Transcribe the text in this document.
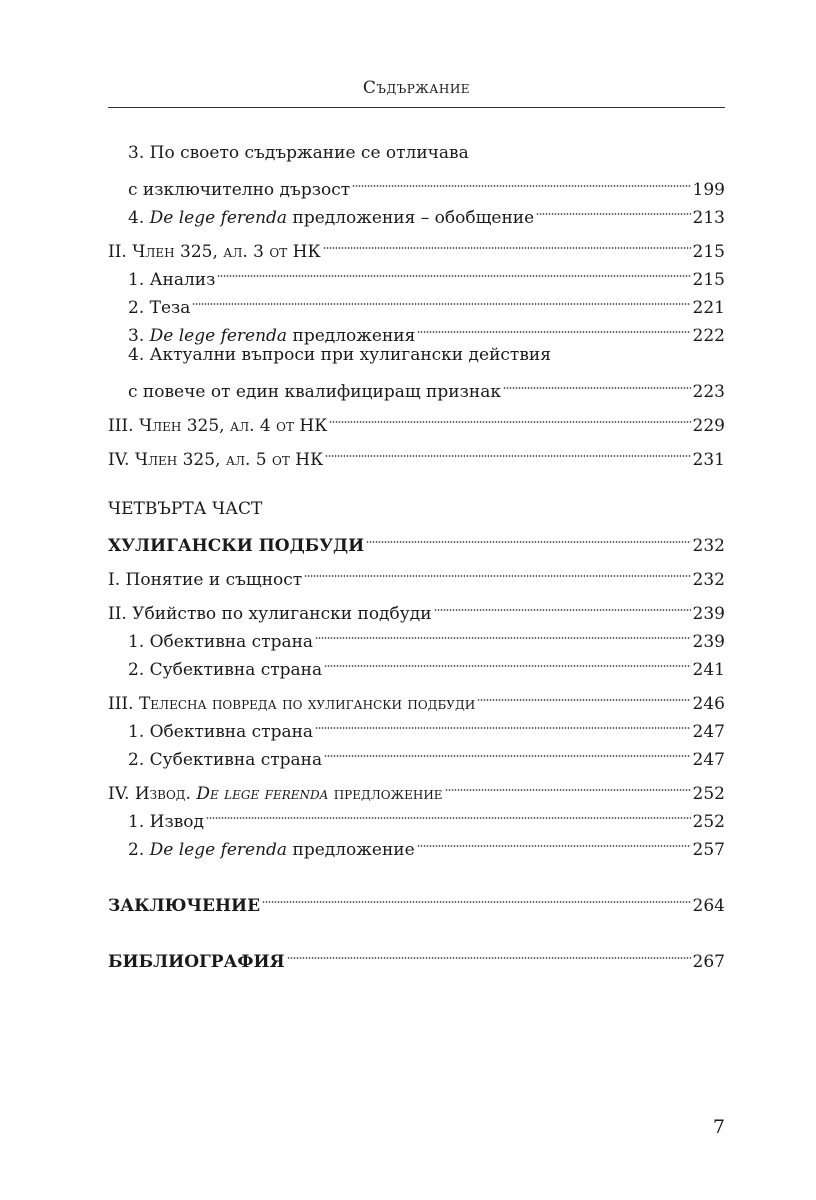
Съдържание
3. По своето съдържание се отличава
с изключително дързост	199
4. De lege ferenda предложения – обобщение	213
II. Член 325, ал. 3 от НК	215
1. Анализ	215
2. Теза	221
3. De lege ferenda предложения	222
4. Актуални въпроси при хулигански действия
с повече от един квалифициращ признак	223
III. Член 325, ал. 4 от НК	229
IV. Член 325, ал. 5 от НК	231
ЧЕТВЪРТА ЧАСТ
ХУЛИГАНСКИ ПОДБУДИ	232
I. Понятие и същност	232
II. Убийство по хулигански подбуди	239
1. Обективна страна	239
2. Субективна страна	241
III. Телесна повреда по хулигански подбуди	246
1. Обективна страна	247
2. Субективна страна	247
IV. Извод. De lege ferenda предложение	252
1. Извод	252
2. De lege ferenda предложение	257
ЗАКЛЮЧЕНИЕ	264
БИБЛИОГРАФИЯ	267
7
